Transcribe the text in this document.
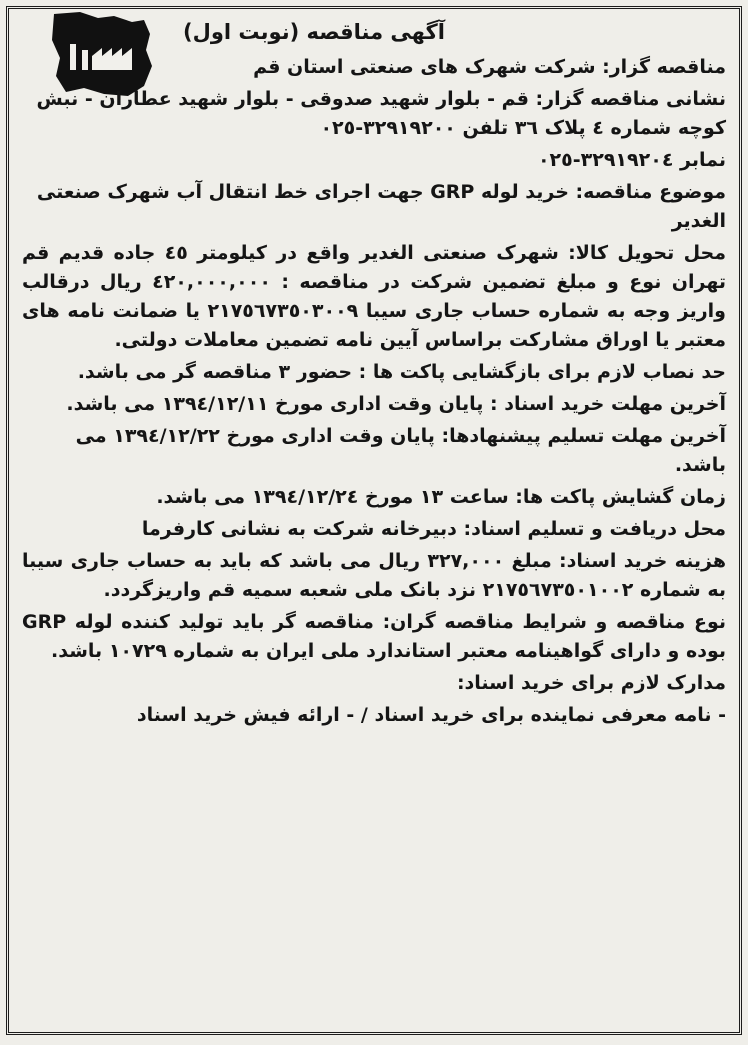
آگهی مناقصه (نوبت اول)

مناقصه گزار: شرکت شهرک های صنعتی استان قم

نشانی مناقصه گزار: قم - بلوار شهید صدوقی - بلوار شهید عطاران - نبش کوچه شماره ٤ پلاک ٣٦ تلفن ٣٢٩١٩٢٠٠-٠٢٥

نمابر ٣٢٩١٩٢٠٤-٠٢٥

موضوع مناقصه: خرید لوله GRP جهت اجرای خط انتقال آب شهرک صنعتی الغدیر

محل تحویل کالا: شهرک صنعتی الغدیر واقع در کیلومتر ٤٥ جاده قدیم قم تهران نوع و مبلغ تضمین شرکت در مناقصه : ٤٢٠,٠٠٠,٠٠٠ ریال درقالب واریز وجه به شماره حساب جاری سیبا ٢١٧٥٦٧٣٥٠٣٠٠٩ یا ضمانت نامه های معتبر یا اوراق مشارکت براساس آیین نامه تضمین معاملات دولتی.

حد نصاب لازم برای بازگشایی پاکت ها : حضور ٣ مناقصه گر می باشد.

آخرین مهلت خرید اسناد : پایان وقت اداری مورخ ١٣٩٤/١٢/١١ می باشد.

آخرین مهلت تسلیم پیشنهادها: پایان وقت اداری مورخ ١٣٩٤/١٢/٢٢ می باشد.

زمان گشایش پاکت ها: ساعت ١٣ مورخ ١٣٩٤/١٢/٢٤ می باشد.

محل دریافت و تسلیم اسناد: دبیرخانه شرکت به نشانی کارفرما

هزینه خرید اسناد: مبلغ ٣٢٧,٠٠٠ ریال می باشد که باید به حساب جاری سیبا به شماره ٢١٧٥٦٧٣٥٠١٠٠٢ نزد بانک ملی شعبه سمیه قم واریزگردد.

نوع مناقصه و شرایط مناقصه گران: مناقصه گر باید تولید کننده لوله GRP بوده و دارای گواهینامه معتبر استاندارد ملی ایران به شماره ١٠٧٢٩ باشد.

مدارک لازم برای خرید اسناد:

- نامه معرفی نماینده برای خرید اسناد / - ارائه فیش خرید اسناد
